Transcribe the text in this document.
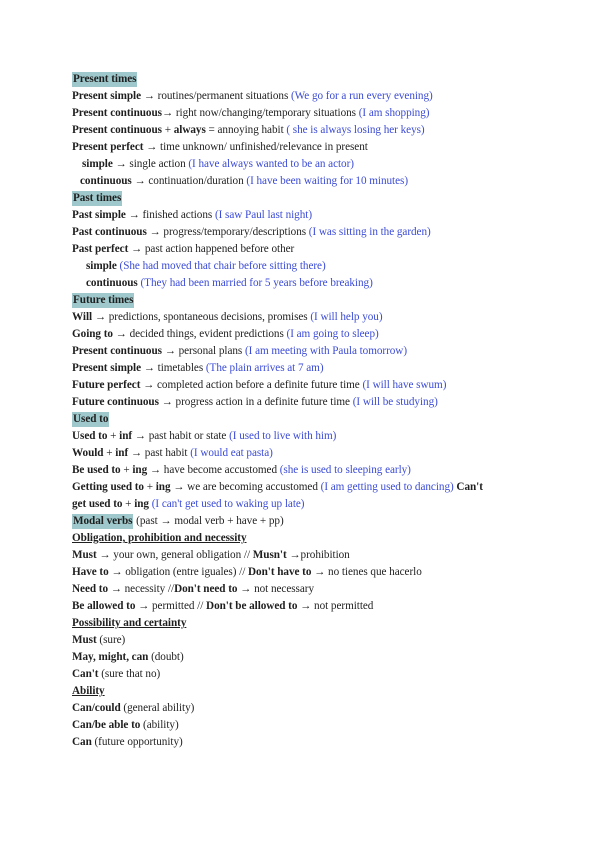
Present times
Present simple → routines/permanent situations (We go for a run every evening)
Present continuous→ right now/changing/temporary situations (I am shopping)
Present continuous + always = annoying habit ( she is always losing her keys)
Present perfect → time unknown/ unfinished/relevance in present
simple → single action (I have always wanted to be an actor)
continuous → continuation/duration (I have been waiting for 10 minutes)
Past times
Past simple → finished actions (I saw Paul last night)
Past continuous → progress/temporary/descriptions (I was sitting in the garden)
Past perfect → past action happened before other
simple (She had moved that chair before sitting there)
continuous (They had been married for 5 years before breaking)
Future times
Will → predictions, spontaneous decisions, promises (I will help you)
Going to → decided things, evident predictions (I am going to sleep)
Present continuous → personal plans (I am meeting with Paula tomorrow)
Present simple → timetables (The plain arrives at 7 am)
Future perfect → completed action before a definite future time (I will have swum)
Future continuous → progress action in a definite future time (I will be studying)
Used to
Used to + inf → past habit or state (I used to live with him)
Would + inf → past habit (I would eat pasta)
Be used to + ing → have become accustomed (she is used to sleeping early)
Getting used to + ing → we are becoming accustomed (I am getting used to dancing) Can't
get used to + ing (I can't get used to waking up late)
Modal verbs (past → modal verb + have + pp)
Obligation, prohibition and necessity
Must → your own, general obligation // Musn't →prohibition
Have to → obligation (entre iguales) // Don't have to → no tienes que hacerlo
Need to → necessity //Don't need to → not necessary
Be allowed to → permitted // Don't be allowed to → not permitted
Possibility and certainty
Must (sure)
May, might, can (doubt)
Can't (sure that no)
Ability
Can/could (general ability)
Can/be able to (ability)
Can (future opportunity)
